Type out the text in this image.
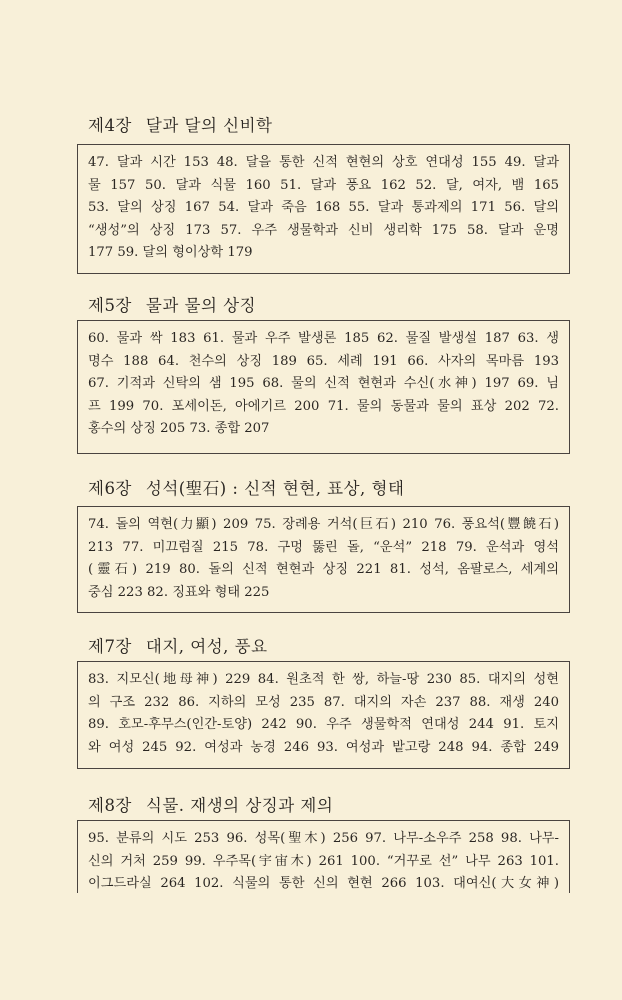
제4장 달과 달의 신비학
47. 달과 시간 153 48. 달을 통한 신적 현현의 상호 연대성 155 49. 달과
물 157 50. 달과 식물 160 51. 달과 풍요 162 52. 달, 여자, 뱀 165
53. 달의 상징 167 54. 달과 죽음 168 55. 달과 통과제의 171 56. 달의
“생성”의 상징 173 57. 우주 생물학과 신비 생리학 175 58. 달과 운명
177 59. 달의 형이상학 179
제5장 물과 물의 상징
60. 물과 싹 183 61. 물과 우주 발생론 185 62. 물질 발생설 187 63. 생
명수 188 64. 천수의 상징 189 65. 세례 191 66. 사자의 목마름 193
67. 기적과 신탁의 샘 195 68. 물의 신적 현현과 수신(水神) 197 69. 님
프 199 70. 포세이돈, 아에기르 200 71. 물의 동물과 물의 표상 202 72.
홍수의 상징 205 73. 종합 207
제6장 성석(聖石) : 신적 현현, 표상, 형태
74. 돌의 역현(力顯) 209 75. 장례용 거석(巨石) 210 76. 풍요석(豐饒石)
213 77. 미끄럼질 215 78. 구멍 뚫린 돌, “운석” 218 79. 운석과 영석
(靈石) 219 80. 돌의 신적 현현과 상징 221 81. 성석, 옴팔로스, 세계의
중심 223 82. 징표와 형태 225
제7장 대지, 여성, 풍요
83. 지모신(地母神) 229 84. 원초적 한 쌍, 하늘-땅 230 85. 대지의 성현
의 구조 232 86. 지하의 모성 235 87. 대지의 자손 237 88. 재생 240
89. 호모-후무스(인간-토양) 242 90. 우주 생물학적 연대성 244 91. 토지
와 여성 245 92. 여성과 농경 246 93. 여성과 밭고랑 248 94. 종합 249
제8장 식물. 재생의 상징과 제의
95. 분류의 시도 253 96. 성목(聖木) 256 97. 나무-소우주 258 98. 나무-
신의 거처 259 99. 우주목(宇宙木) 261 100. “거꾸로 선” 나무 263 101.
이그드라실 264 102. 식물의 통한 신의 현현 266 103. 대여신(大女神)
